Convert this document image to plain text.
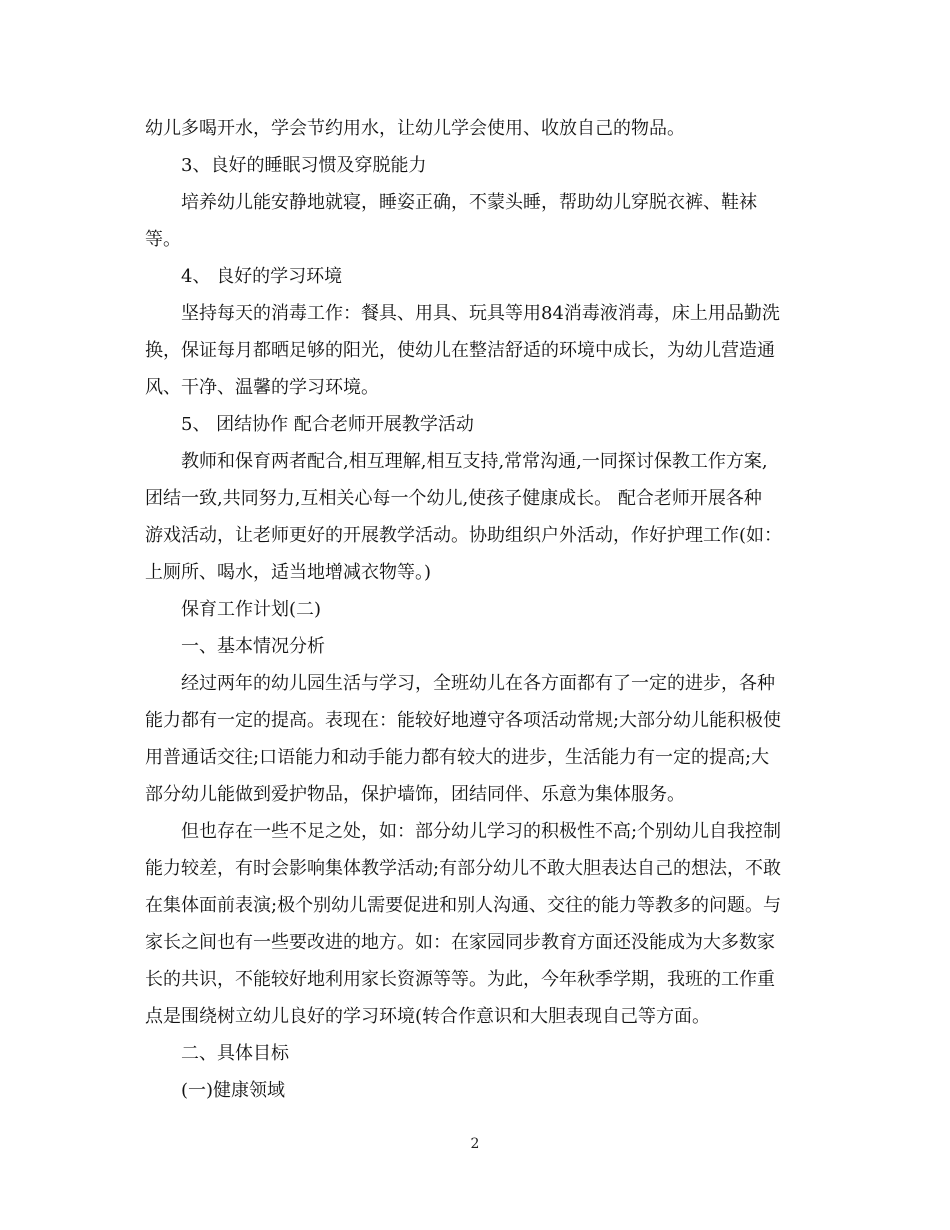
幼儿多喝开水，学会节约用水，让幼儿学会使用、收放自己的物品。
3、良好的睡眠习惯及穿脱能力
培养幼儿能安静地就寝，睡姿正确，不蒙头睡，帮助幼儿穿脱衣裤、鞋袜
等。
4、 良好的学习环境
坚持每天的消毒工作：餐具、用具、玩具等用84消毒液消毒，床上用品勤洗
换，保证每月都晒足够的阳光，使幼儿在整洁舒适的环境中成长，为幼儿营造通
风、干净、温馨的学习环境。
5、 团结协作 配合老师开展教学活动
教师和保育两者配合,相互理解,相互支持,常常沟通,一同探讨保教工作方案,
团结一致,共同努力,互相关心每一个幼儿,使孩子健康成长。 配合老师开展各种
游戏活动，让老师更好的开展教学活动。协助组织户外活动，作好护理工作(如：
上厕所、喝水，适当地增减衣物等。)
保育工作计划(二)
一、基本情况分析
经过两年的幼儿园生活与学习，全班幼儿在各方面都有了一定的进步，各种
能力都有一定的提高。表现在：能较好地遵守各项活动常规;大部分幼儿能积极使
用普通话交往;口语能力和动手能力都有较大的进步，生活能力有一定的提高;大
部分幼儿能做到爱护物品，保护墙饰，团结同伴、乐意为集体服务。
但也存在一些不足之处，如：部分幼儿学习的积极性不高;个别幼儿自我控制
能力较差，有时会影响集体教学活动;有部分幼儿不敢大胆表达自己的想法，不敢
在集体面前表演;极个别幼儿需要促进和别人沟通、交往的能力等教多的问题。与
家长之间也有一些要改进的地方。如：在家园同步教育方面还没能成为大多数家
长的共识，不能较好地利用家长资源等等。为此，今年秋季学期，我班的工作重
点是围绕树立幼儿良好的学习环境(转合作意识和大胆表现自己等方面。
二、具体目标
(一)健康领域
2
